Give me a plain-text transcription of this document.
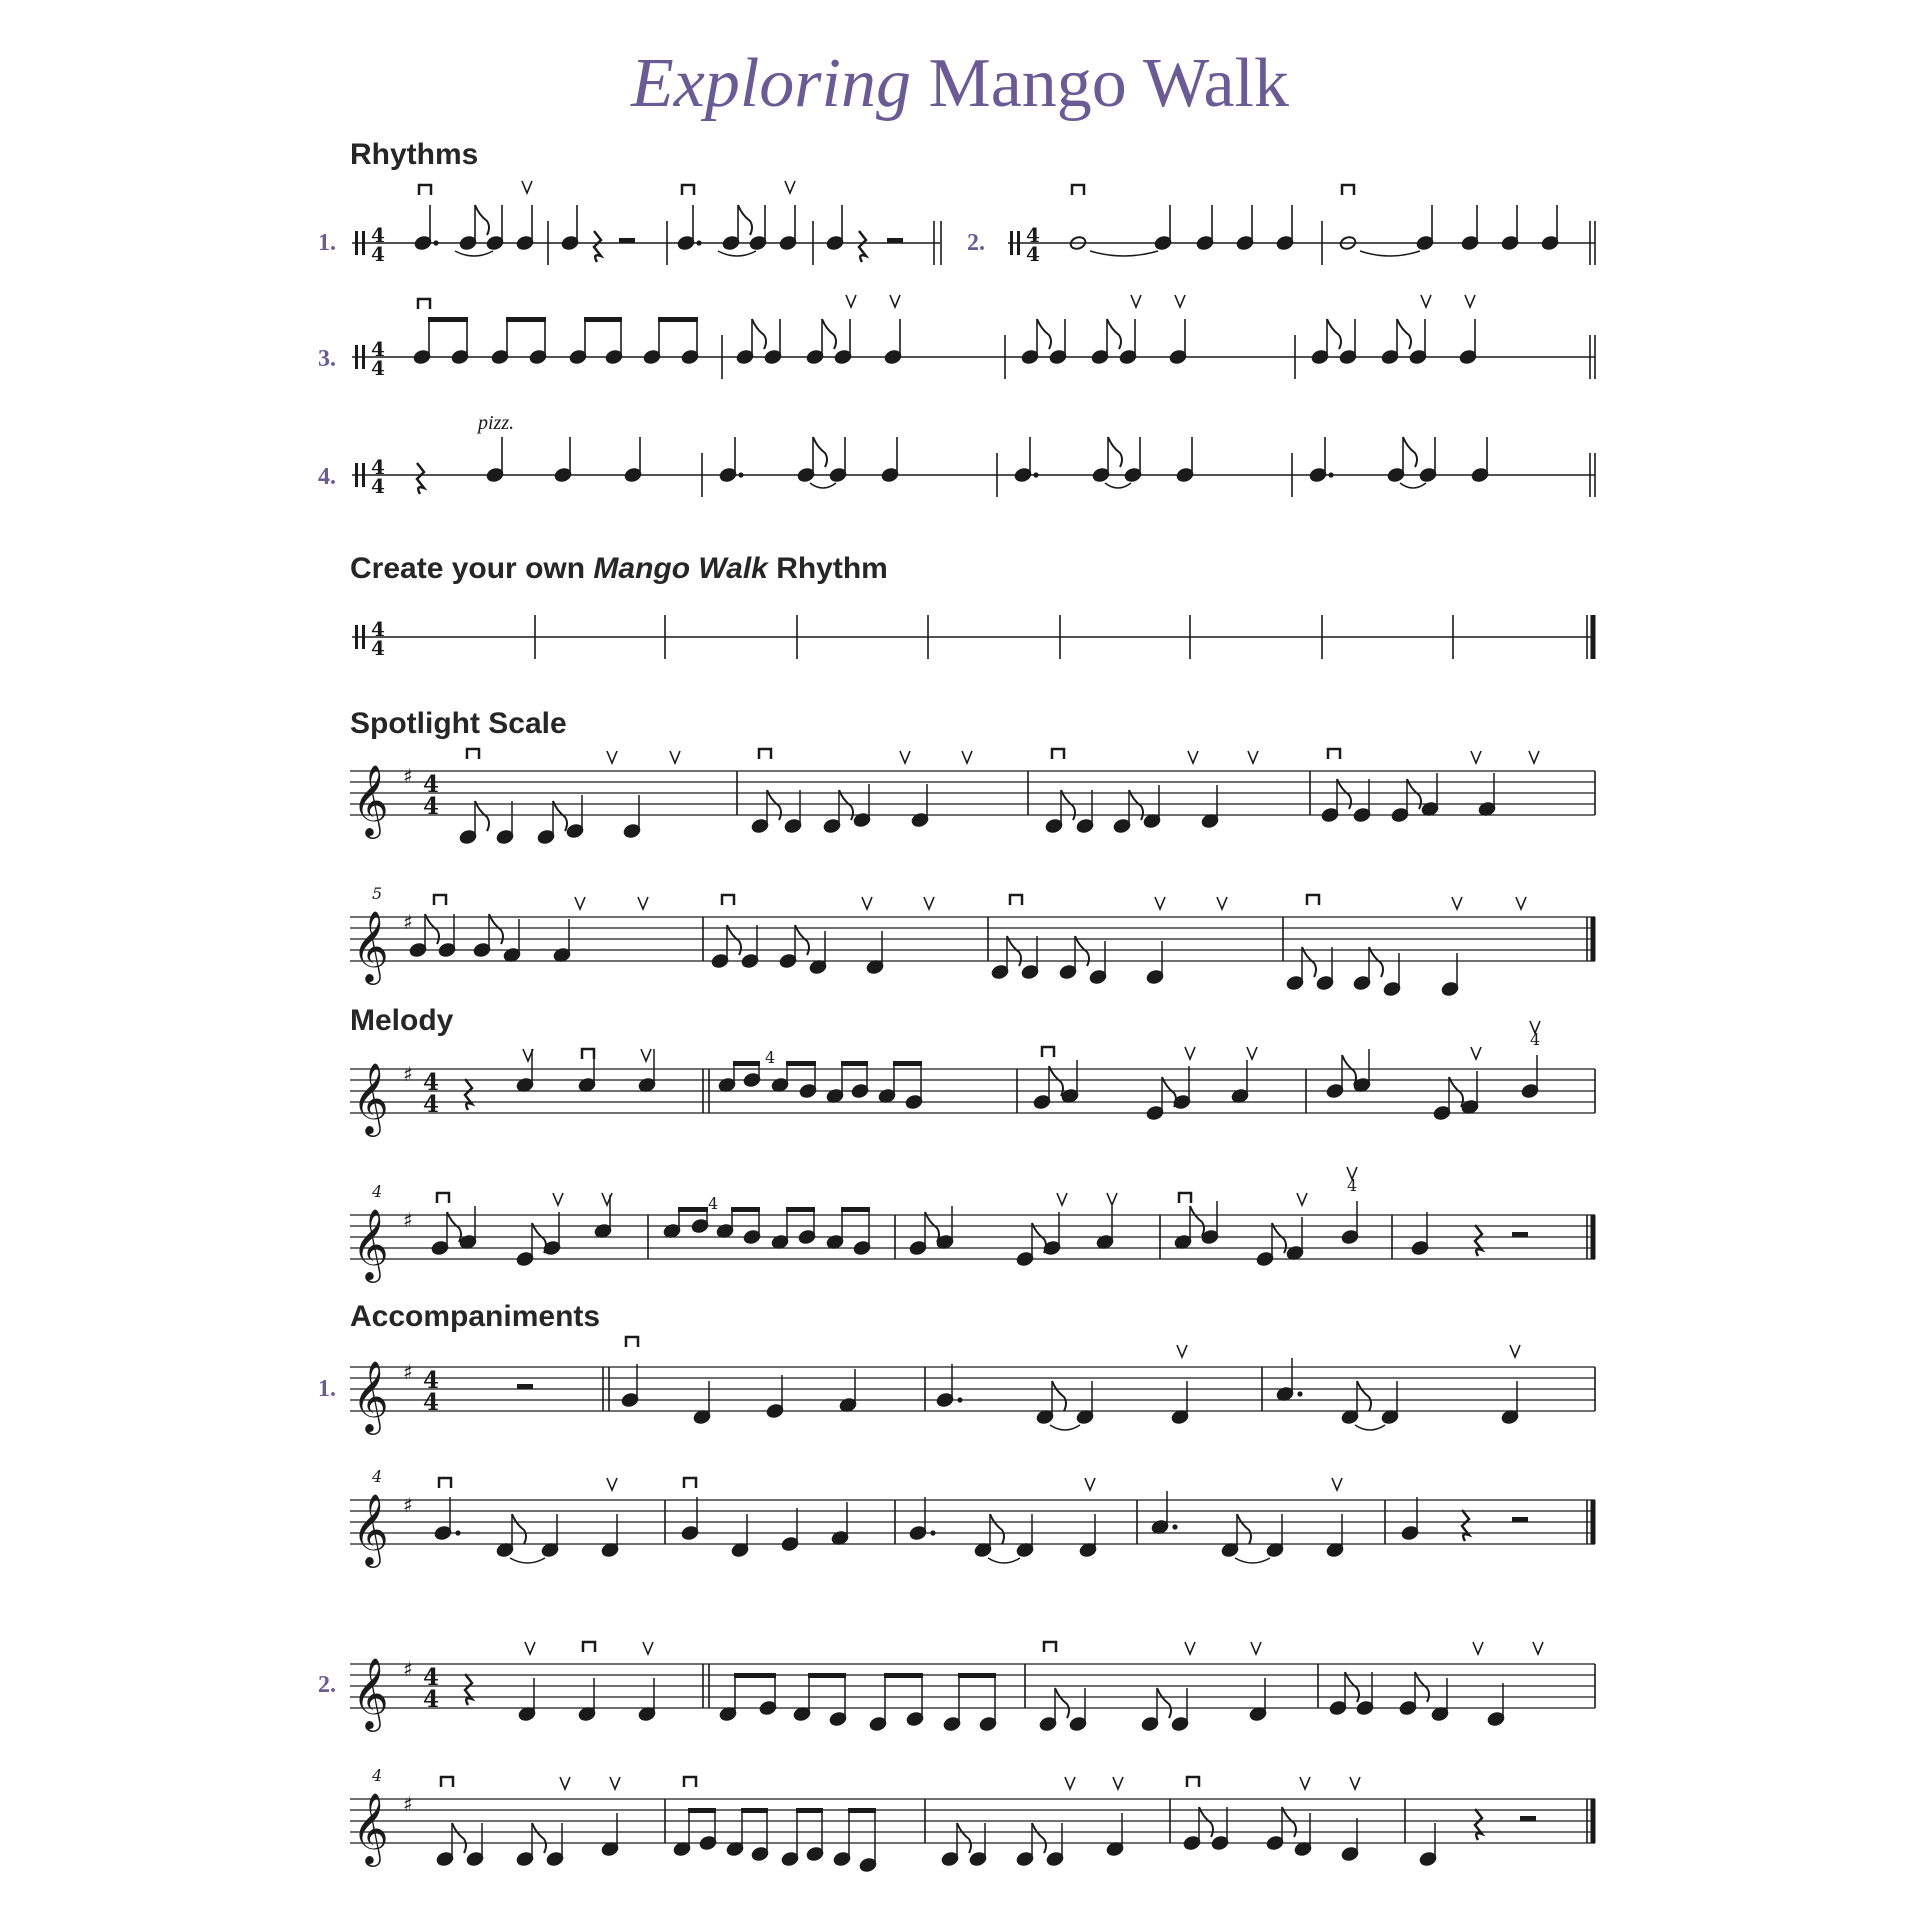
Exploring Mango Walk
Rhythms
Create your own Mango Walk Rhythm
Spotlight Scale
Melody
Accompaniments
1.	2.
3.
4.
pizz.
1.
2.
4
4
4
4
4
4
4
4
4
4
𝄞 ♯ 4
4
𝄞 ♯
5
𝄞 ♯ 4
4
4
4
𝄞 ♯
4
4
4
𝄞 ♯ 4
4
𝄞 ♯
4
𝄞 ♯ 4
4
𝄞 ♯
4
